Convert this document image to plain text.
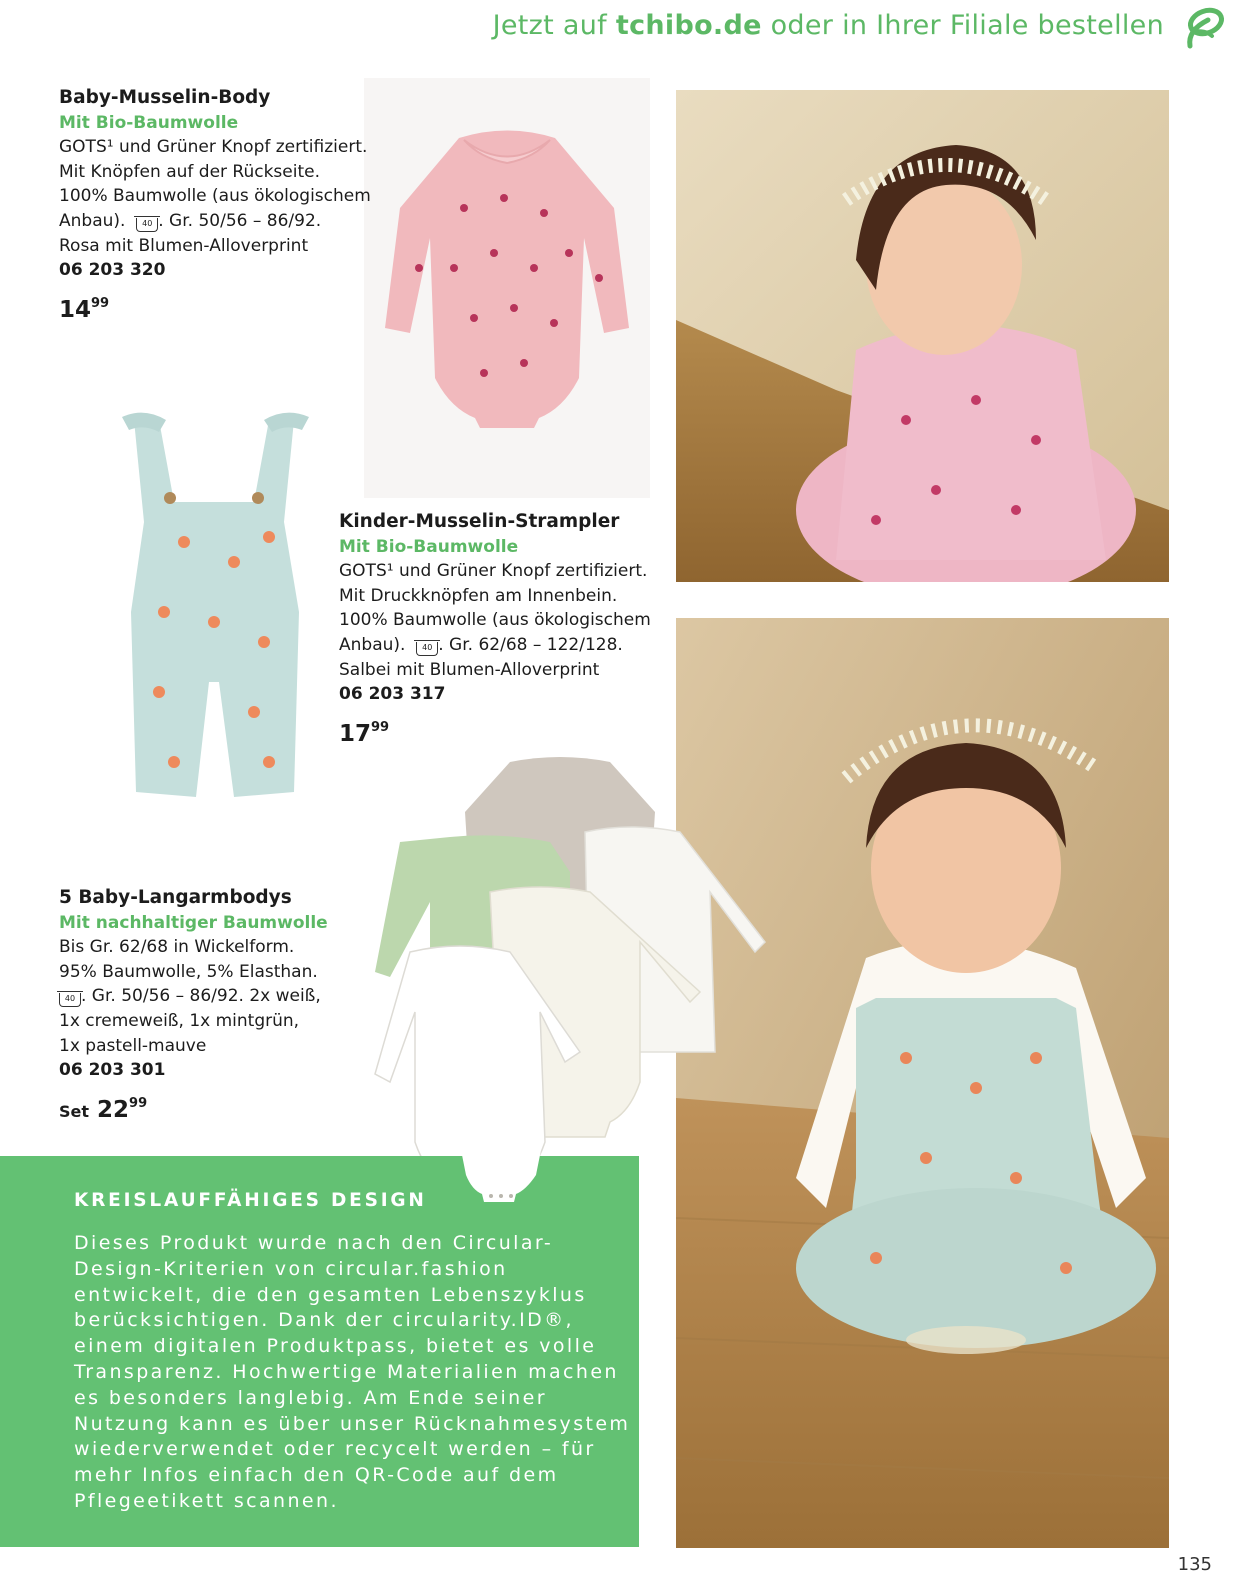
Jetzt auf tchibo.de oder in Ihrer Filiale bestellen
Baby-Musselin-Body
Mit Bio-Baumwolle
GOTS¹ und Grüner Knopf zertifiziert.
Mit Knöpfen auf der Rückseite.
100% Baumwolle (aus ökologischem
Anbau). 40 . Gr. 50/56 – 86/92.
Rosa mit Blumen-Alloverprint
06 203 320
$14^{99}$
Kinder-Musselin-Strampler
Mit Bio-Baumwolle
GOTS¹ und Grüner Knopf zertifiziert.
Mit Druckknöpfen am Innenbein.
100% Baumwolle (aus ökologischem
Anbau). 40 . Gr. 62/68 – 122/128.
Salbei mit Blumen-Alloverprint
06 203 317
$17^{99}$
5 Baby-Langarmbodys
Mit nachhaltiger Baumwolle
Bis Gr. 62/68 in Wickelform.
95% Baumwolle, 5% Elasthan.
40 . Gr. 50/56 – 86/92. 2x weiß,
1x cremeweiß, 1x mintgrün,
1x pastell-mauve
06 203 301
Set $22^{99}$
KREISLAUFFÄHIGES DESIGN
Dieses Produkt wurde nach den Circular-
Design-Kriterien von circular.fashion
entwickelt, die den gesamten Lebenszyklus
berücksichtigen. Dank der circularity.ID®,
einem digitalen Produktpass, bietet es volle
Transparenz. Hochwertige Materialien machen
es besonders langlebig. Am Ende seiner
Nutzung kann es über unser Rücknahmesystem
wiederverwendet oder recycelt werden – für
mehr Infos einfach den QR-Code auf dem
Pflegeetikett scannen.
135
